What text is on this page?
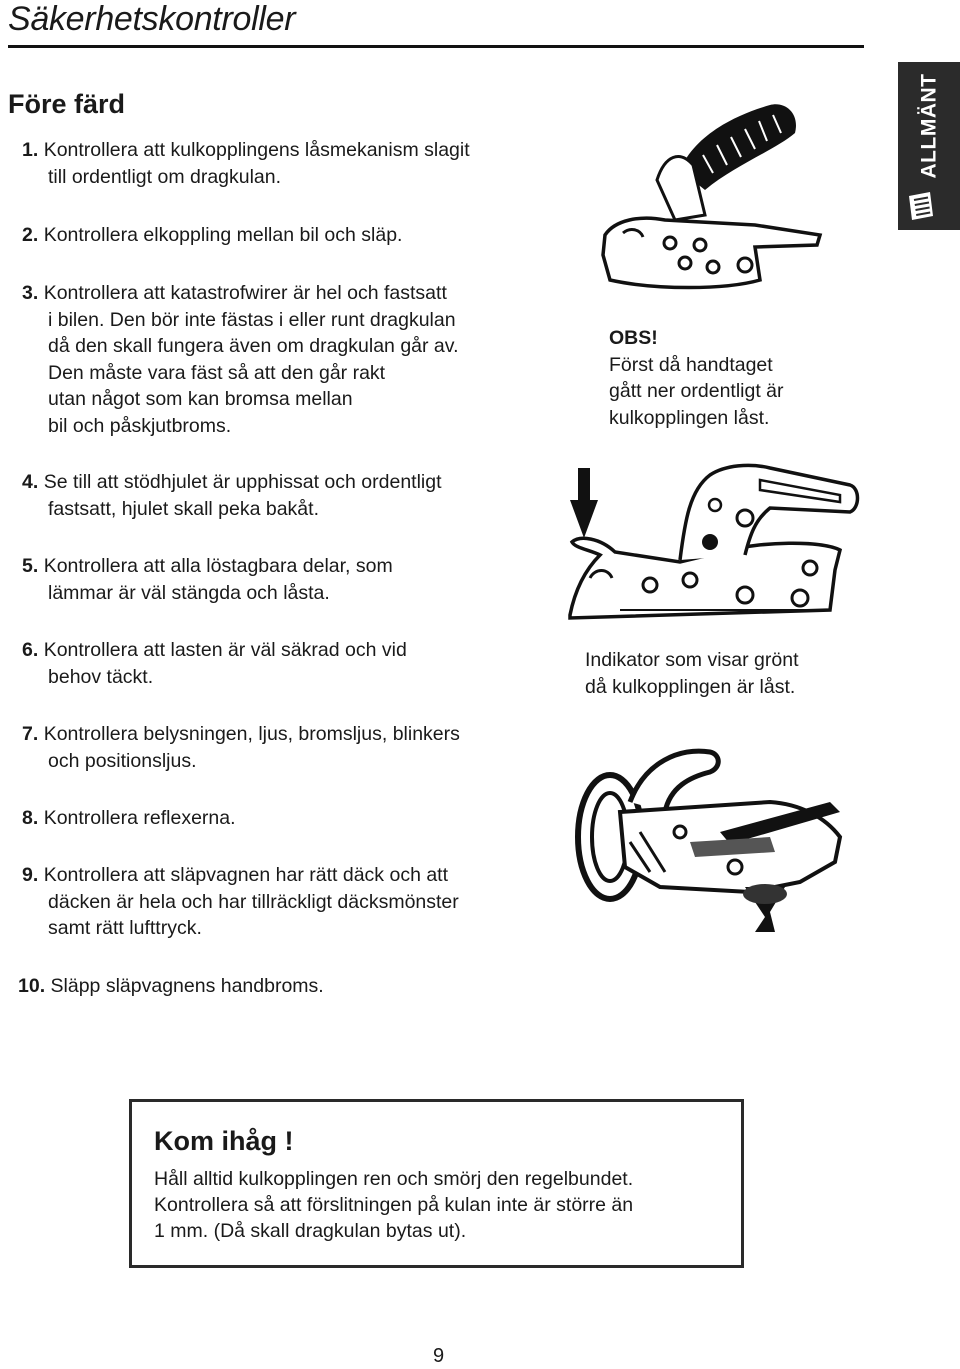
Säkerhetskontroller
ALLMÄNT
Före färd
1. Kontrollera att kulkopplingens låsmekanism slagit
till ordentligt om dragkulan.
2. Kontrollera elkoppling mellan bil och släp.
3. Kontrollera att katastrofwirer är hel och fastsatt
i bilen. Den bör inte fästas i eller runt dragkulan
då den skall fungera även om dragkulan går av.
Den måste vara fäst så att den går rakt
utan något som kan bromsa mellan
bil och påskjutbroms.
4. Se till att stödhjulet är upphissat och ordentligt
fastsatt, hjulet skall peka bakåt.
5. Kontrollera att alla löstagbara delar, som
lämmar är väl stängda och låsta.
6. Kontrollera att lasten är väl säkrad och vid
behov täckt.
7. Kontrollera belysningen, ljus, bromsljus, blinkers
och positionsljus.
8. Kontrollera reflexerna.
9. Kontrollera att släpvagnen har rätt däck och att
däcken är hela och har tillräckligt däcksmönster
samt rätt lufttryck.
10. Släpp släpvagnens handbroms.
OBS!
Först då handtaget
gått ner ordentligt är
kulkopplingen låst.
Indikator som visar grönt
då kulkopplingen är låst.
Kom ihåg !
Håll alltid kulkopplingen ren och smörj den regelbundet.
Kontrollera så att förslitningen på kulan inte är större än
1 mm. (Då skall dragkulan bytas ut).
9
